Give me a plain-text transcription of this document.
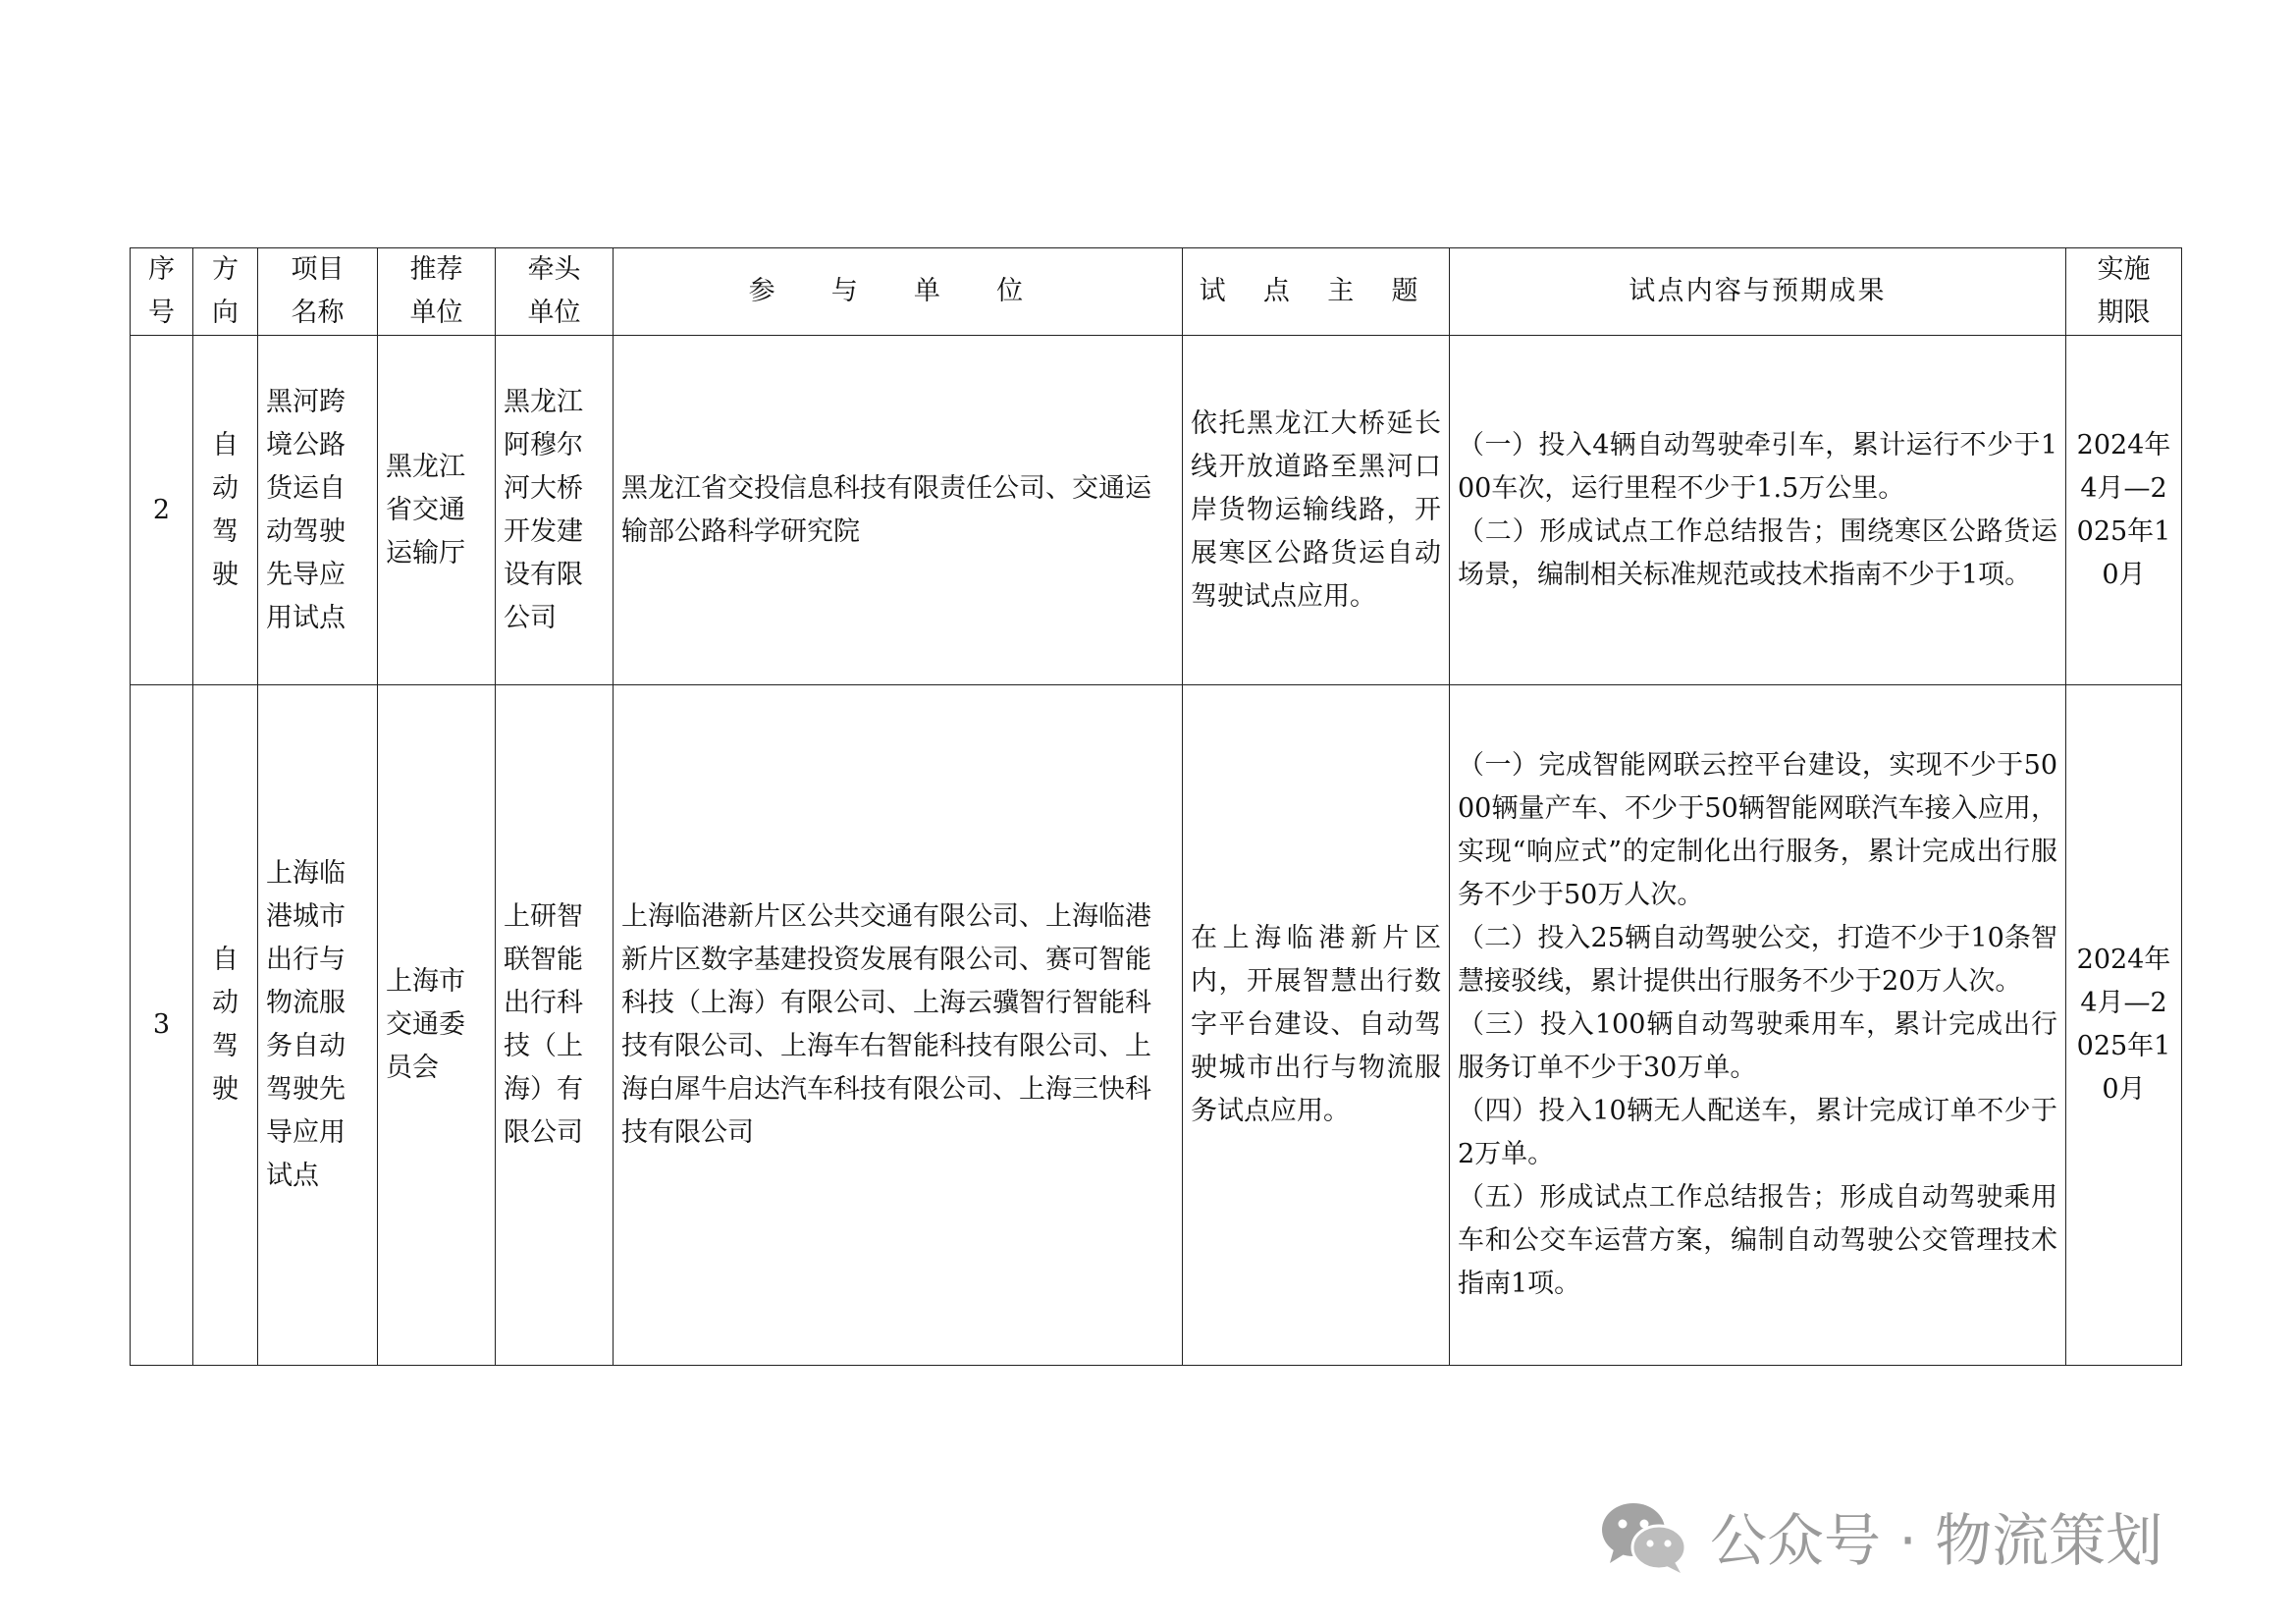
序号	方向	项目名称	推荐单位	牵头单位	参 与 单 位	试 点 主 题	试点内容与预期成果	实施期限
2	自动驾驶	黑河跨境公路货运自动驾驶先导应用试点	黑龙江省交通运输厅	黑龙江阿穆尔河大桥开发建设有限公司	黑龙江省交投信息科技有限责任公司、交通运输部公路科学研究院	依托黑龙江大桥延长线开放道路至黑河口岸货物运输线路，开展寒区公路货运自动驾驶试点应用。	（一）投入4辆自动驾驶牵引车，累计运行不少于100车次，运行里程不少于1.5万公里。
（二）形成试点工作总结报告；围绕寒区公路货运场景，编制相关标准规范或技术指南不少于1项。	2024年4月—2025年10月
3	自动驾驶	上海临港城市出行与物流服务自动驾驶先导应用试点	上海市交通委员会	上研智联智能出行科技（上海）有限公司	上海临港新片区公共交通有限公司、上海临港新片区数字基建投资发展有限公司、赛可智能科技（上海）有限公司、上海云骥智行智能科技有限公司、上海车右智能科技有限公司、上海白犀牛启达汽车科技有限公司、上海三快科技有限公司	在上海临港新片区内，开展智慧出行数字平台建设、自动驾驶城市出行与物流服务试点应用。	（一）完成智能网联云控平台建设，实现不少于5000辆量产车、不少于50辆智能网联汽车接入应用，实现“响应式”的定制化出行服务，累计完成出行服务不少于50万人次。
（二）投入25辆自动驾驶公交，打造不少于10条智慧接驳线，累计提供出行服务不少于20万人次。
（三）投入100辆自动驾驶乘用车，累计完成出行服务订单不少于30万单。
（四）投入10辆无人配送车，累计完成订单不少于2万单。
（五）形成试点工作总结报告；形成自动驾驶乘用车和公交车运营方案，编制自动驾驶公交管理技术指南1项。	2024年4月—2025年10月
公众号 · 物流策划
